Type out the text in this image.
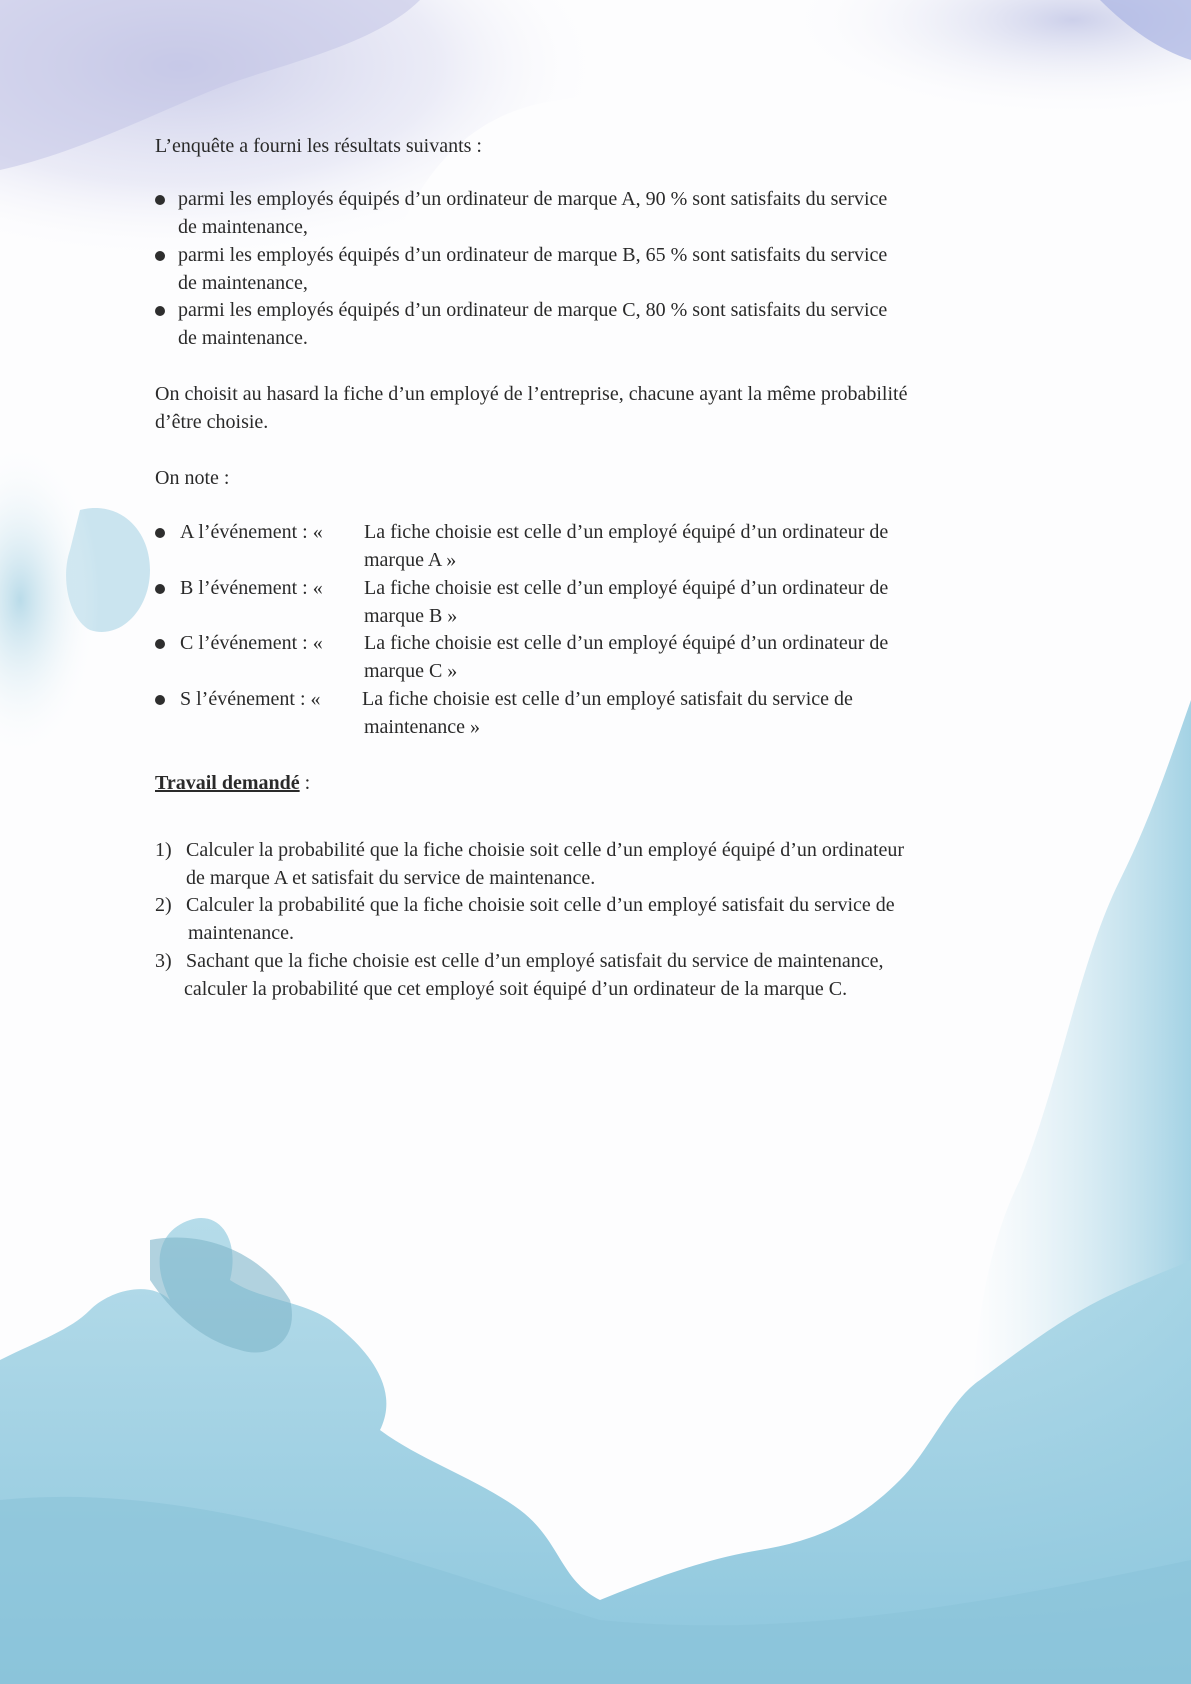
L’enquête a fourni les résultats suivants :
parmi les employés équipés d’un ordinateur de marque A, 90 % sont satisfaits du service
de maintenance,
parmi les employés équipés d’un ordinateur de marque B, 65 % sont satisfaits du service
de maintenance,
parmi les employés équipés d’un ordinateur de marque C, 80 % sont satisfaits du service
de maintenance.
On choisit au hasard la fiche d’un employé de l’entreprise, chacune ayant la même probabilité
d’être choisie.
On note :
A l’événement : « La fiche choisie est celle d’un employé équipé d’un ordinateur de
marque A »
B l’événement : « La fiche choisie est celle d’un employé équipé d’un ordinateur de
marque B »
C l’événement : « La fiche choisie est celle d’un employé équipé d’un ordinateur de
marque C »
S l’événement : « La fiche choisie est celle d’un employé satisfait du service de
maintenance »
Travail demandé :
1) Calculer la probabilité que la fiche choisie soit celle d’un employé équipé d’un ordinateur
de marque A et satisfait du service de maintenance.
2) Calculer la probabilité que la fiche choisie soit celle d’un employé satisfait du service de
maintenance.
3) Sachant que la fiche choisie est celle d’un employé satisfait du service de maintenance,
calculer la probabilité que cet employé soit équipé d’un ordinateur de la marque C.
